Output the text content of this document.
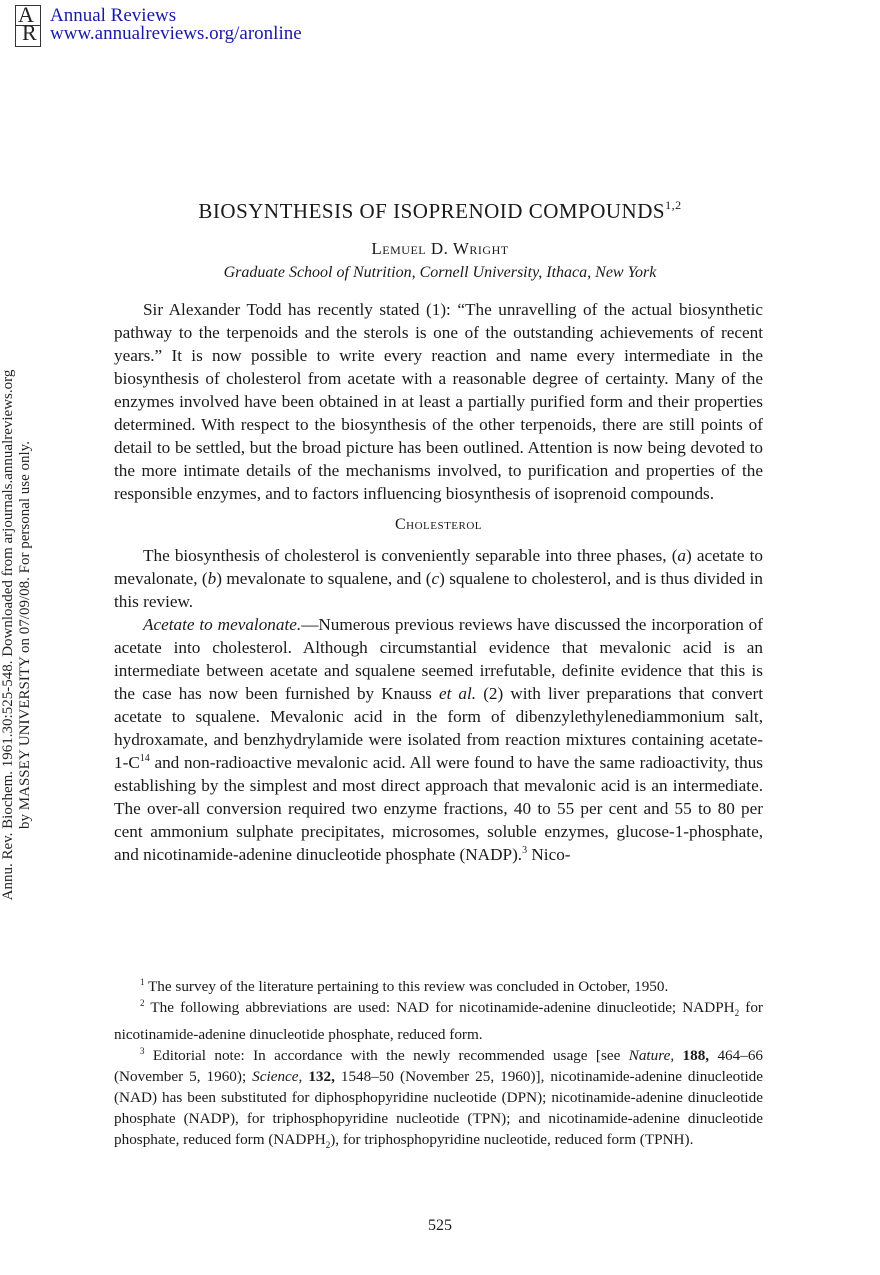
A
R
Annual Reviews
www.annualreviews.org/aronline
Annu. Rev. Biochem. 1961.30:525-548. Downloaded from arjournals.annualreviews.org by MASSEY UNIVERSITY on 07/09/08. For personal use only.
BIOSYNTHESIS OF ISOPRENOID COMPOUNDS$^{1,2}$
Lemuel D. Wright
Graduate School of Nutrition, Cornell University, Ithaca, New York

Sir Alexander Todd has recently stated (1): “The unravelling of the actual biosynthetic pathway to the terpenoids and the sterols is one of the outstanding achievements of recent years.” It is now possible to write every reaction and name every intermediate in the biosynthesis of cholesterol from acetate with a reasonable degree of certainty. Many of the enzymes involved have been obtained in at least a partially purified form and their properties determined. With respect to the biosynthesis of the other terpenoids, there are still points of detail to be settled, but the broad picture has been outlined. Attention is now being devoted to the more intimate details of the mechanisms involved, to purification and properties of the responsible enzymes, and to factors influencing biosynthesis of isoprenoid compounds.

Cholesterol

The biosynthesis of cholesterol is conveniently separable into three phases, (a) acetate to mevalonate, (b) mevalonate to squalene, and (c) squalene to cholesterol, and is thus divided in this review.

Acetate to mevalonate.—Numerous previous reviews have discussed the incorporation of acetate into cholesterol. Although circumstantial evidence that mevalonic acid is an intermediate between acetate and squalene seemed irrefutable, definite evidence that this is the case has now been furnished by Knauss et al. (2) with liver preparations that convert acetate to squalene. Mevalonic acid in the form of dibenzylethylenediammonium salt, hydroxamate, and benzhydrylamide were isolated from reaction mixtures containing acetate-$1-C^{14}$ and non-radioactive mevalonic acid. All were found to have the same radioactivity, thus establishing by the simplest and most direct approach that mevalonic acid is an intermediate. The over-all conversion required two enzyme fractions, 40 to 55 per cent and 55 to 80 per cent ammonium sulphate precipitates, microsomes, soluble enzymes, glucose-1-phosphate, and nicotinamide-adenine dinucleotide phosphate (NADP).$^3$ Nico-

$^1$ The survey of the literature pertaining to this review was concluded in October, 1950.

$^2$ The following abbreviations are used: NAD for nicotinamide-adenine dinucleotide; $NADPH_2$ for nicotinamide-adenine dinucleotide phosphate, reduced form.

$^3$ Editorial note: In accordance with the newly recommended usage [see Nature, 188, 464–66 (November 5, 1960); Science, 132, 1548–50 (November 25, 1960)], nicotinamide-adenine dinucleotide (NAD) has been substituted for diphosphopyridine nucleotide (DPN); nicotinamide-adenine dinucleotide phosphate (NADP), for triphosphopyridine nucleotide (TPN); and nicotinamide-adenine dinucleotide phosphate, reduced form $(NADPH_2)$, for triphosphopyridine nucleotide, reduced form (TPNH).

525
